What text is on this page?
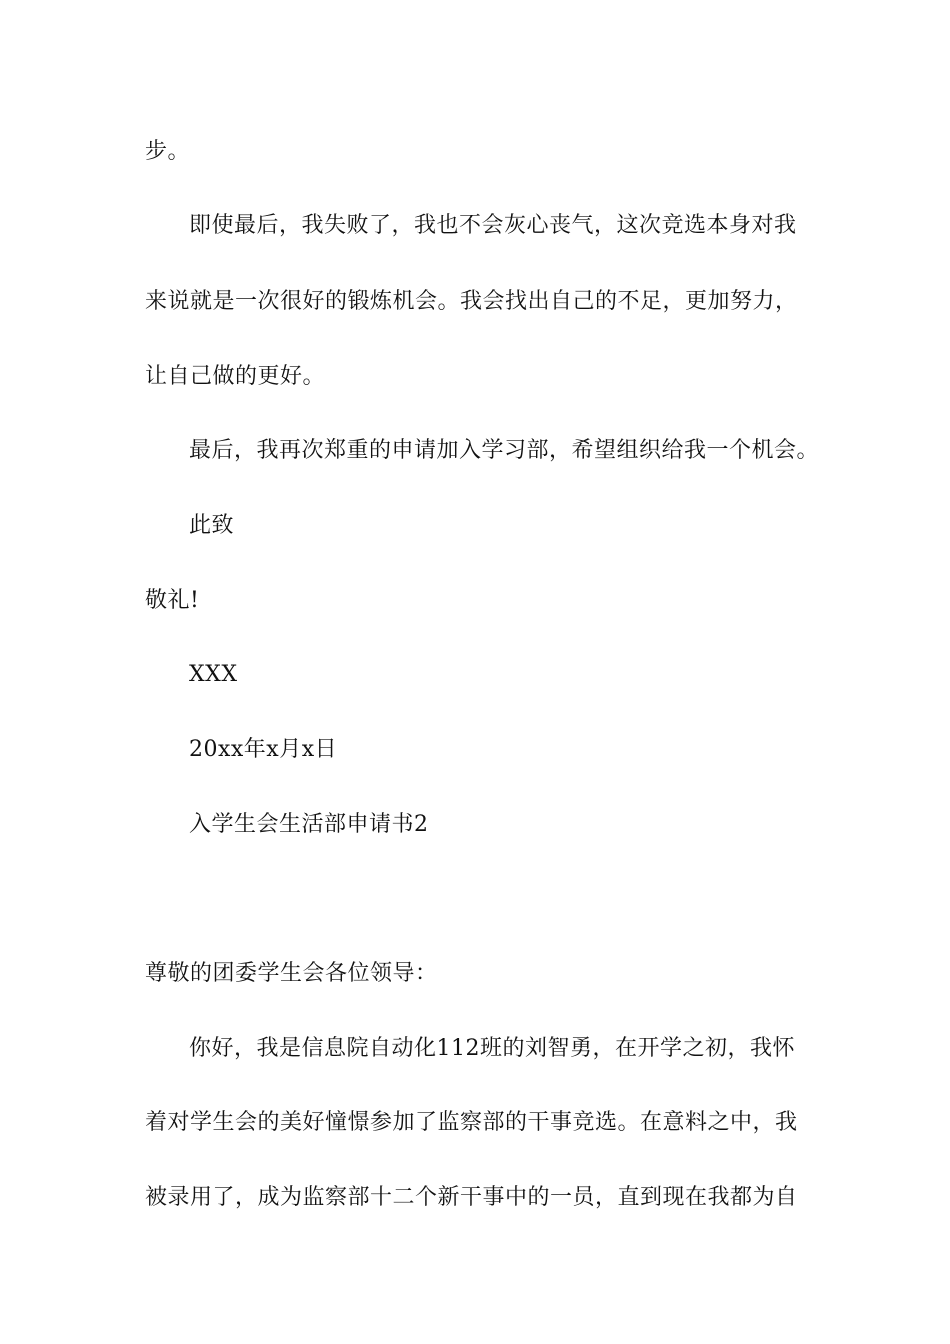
步。
即使最后，我失败了，我也不会灰心丧气，这次竞选本身对我
来说就是一次很好的锻炼机会。我会找出自己的不足，更加努力，
让自己做的更好。
最后，我再次郑重的申请加入学习部，希望组织给我一个机会。
此致
敬礼!
XXX
20xx年x月x日
入学生会生活部申请书2
尊敬的团委学生会各位领导：
你好，我是信息院自动化112班的刘智勇，在开学之初，我怀
着对学生会的美好憧憬参加了监察部的干事竞选。在意料之中，我
被录用了，成为监察部十二个新干事中的一员，直到现在我都为自
